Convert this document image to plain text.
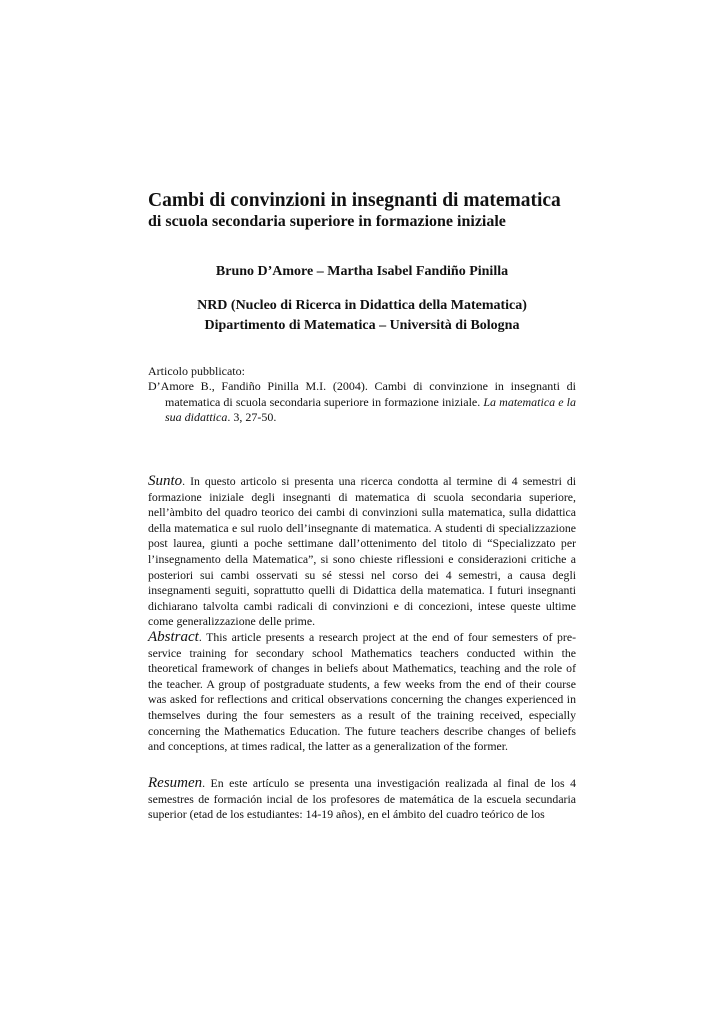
Cambi di convinzioni in insegnanti di matematica
di scuola secondaria superiore in formazione iniziale
Bruno D’Amore – Martha Isabel Fandiño Pinilla
NRD (Nucleo di Ricerca in Didattica della Matematica)
Dipartimento di Matematica – Università di Bologna
Articolo pubblicato:
D’Amore B., Fandiño Pinilla M.I. (2004). Cambi di convinzione in insegnanti di matematica di scuola secondaria superiore in formazione iniziale. La matematica e la sua didattica. 3, 27-50.
Sunto. In questo articolo si presenta una ricerca condotta al termine di 4 semestri di formazione iniziale degli insegnanti di matematica di scuola secondaria superiore, nell’àmbito del quadro teorico dei cambi di convinzioni sulla matematica, sulla didattica della matematica e sul ruolo dell’insegnante di matematica. A studenti di specializzazione post laurea, giunti a poche settimane dall’ottenimento del titolo di “Specializzato per l’insegnamento della Matematica”, si sono chieste riflessioni e considerazioni critiche a posteriori sui cambi osservati su sé stessi nel corso dei 4 semestri, a causa degli insegnamenti seguiti, soprattutto quelli di Didattica della matematica. I futuri insegnanti dichiarano talvolta cambi radicali di convinzioni e di concezioni, intese queste ultime come generalizzazione delle prime.
Abstract. This article presents a research project at the end of four semesters of pre-service training for secondary school Mathematics teachers conducted within the theoretical framework of changes in beliefs about Mathematics, teaching and the role of the teacher. A group of postgraduate students, a few weeks from the end of their course was asked for reflections and critical observations concerning the changes experienced in themselves during the four semesters as a result of the training received, especially concerning the Mathematics Education. The future teachers describe changes of beliefs and conceptions, at times radical, the latter as a generalization of the former.
Resumen. En este artículo se presenta una investigación realizada al final de los 4 semestres de formación incial de los profesores de matemática de la escuela secundaria superior (etad de los estudiantes: 14-19 años), en el ámbito del cuadro teórico de los
